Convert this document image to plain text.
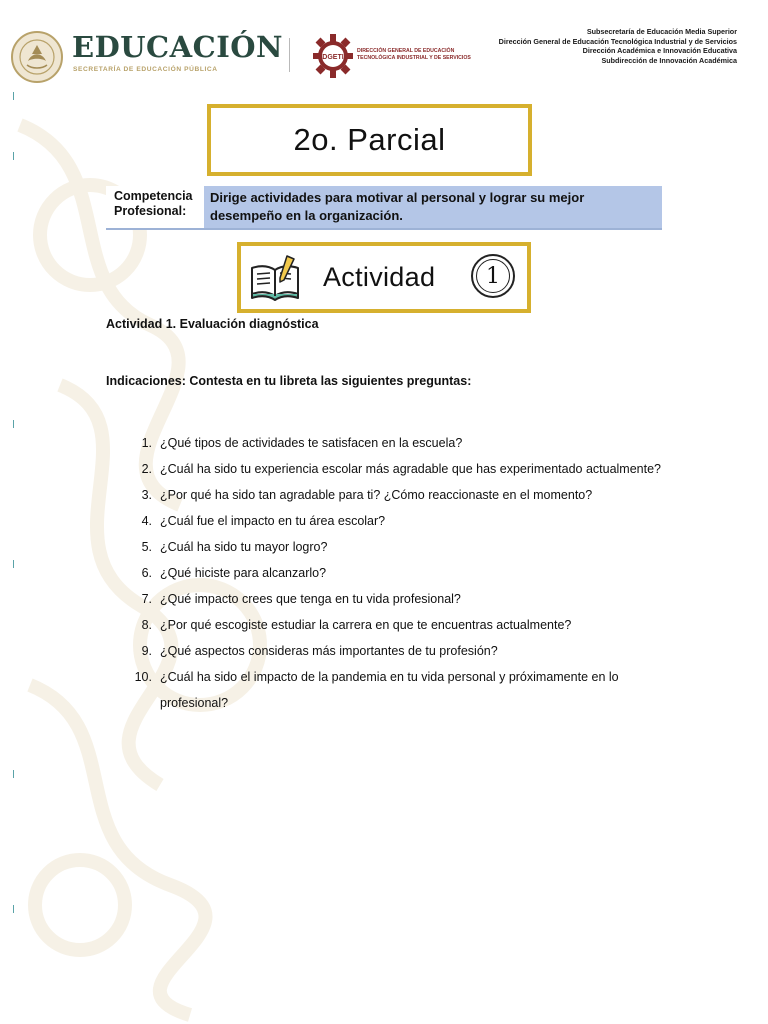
EDUCACIÓN
SECRETARÍA DE EDUCACIÓN PÚBLICA
DGETI
DIRECCIÓN GENERAL DE EDUCACIÓN
TECNOLÓGICA INDUSTRIAL Y DE SERVICIOS
Subsecretaría de Educación Media Superior
Dirección General de Educación Tecnológica Industrial y de Servicios
Dirección Académica e Innovación Educativa
Subdirección de Innovación Académica
2o. Parcial
Competencia
Profesional:
Dirige actividades para motivar al personal y lograr su mejor
desempeño en la organización.

Actividad 1

Actividad 1. Evaluación diagnóstica

Indicaciones: Contesta en tu libreta las siguientes preguntas:

1. ¿Qué tipos de actividades te satisfacen en la escuela?
2. ¿Cuál ha sido tu experiencia escolar más agradable que has experimentado actualmente?
3. ¿Por qué ha sido tan agradable para ti? ¿Cómo reaccionaste en el momento?
4. ¿Cuál fue el impacto en tu área escolar?
5. ¿Cuál ha sido tu mayor logro?
6. ¿Qué hiciste para alcanzarlo?
7. ¿Qué impacto crees que tenga en tu vida profesional?
8. ¿Por qué escogiste estudiar la carrera en que te encuentras actualmente?
9. ¿Qué aspectos consideras más importantes de tu profesión?
10. ¿Cuál ha sido el impacto de la pandemia en tu vida personal y próximamente en lo profesional?
